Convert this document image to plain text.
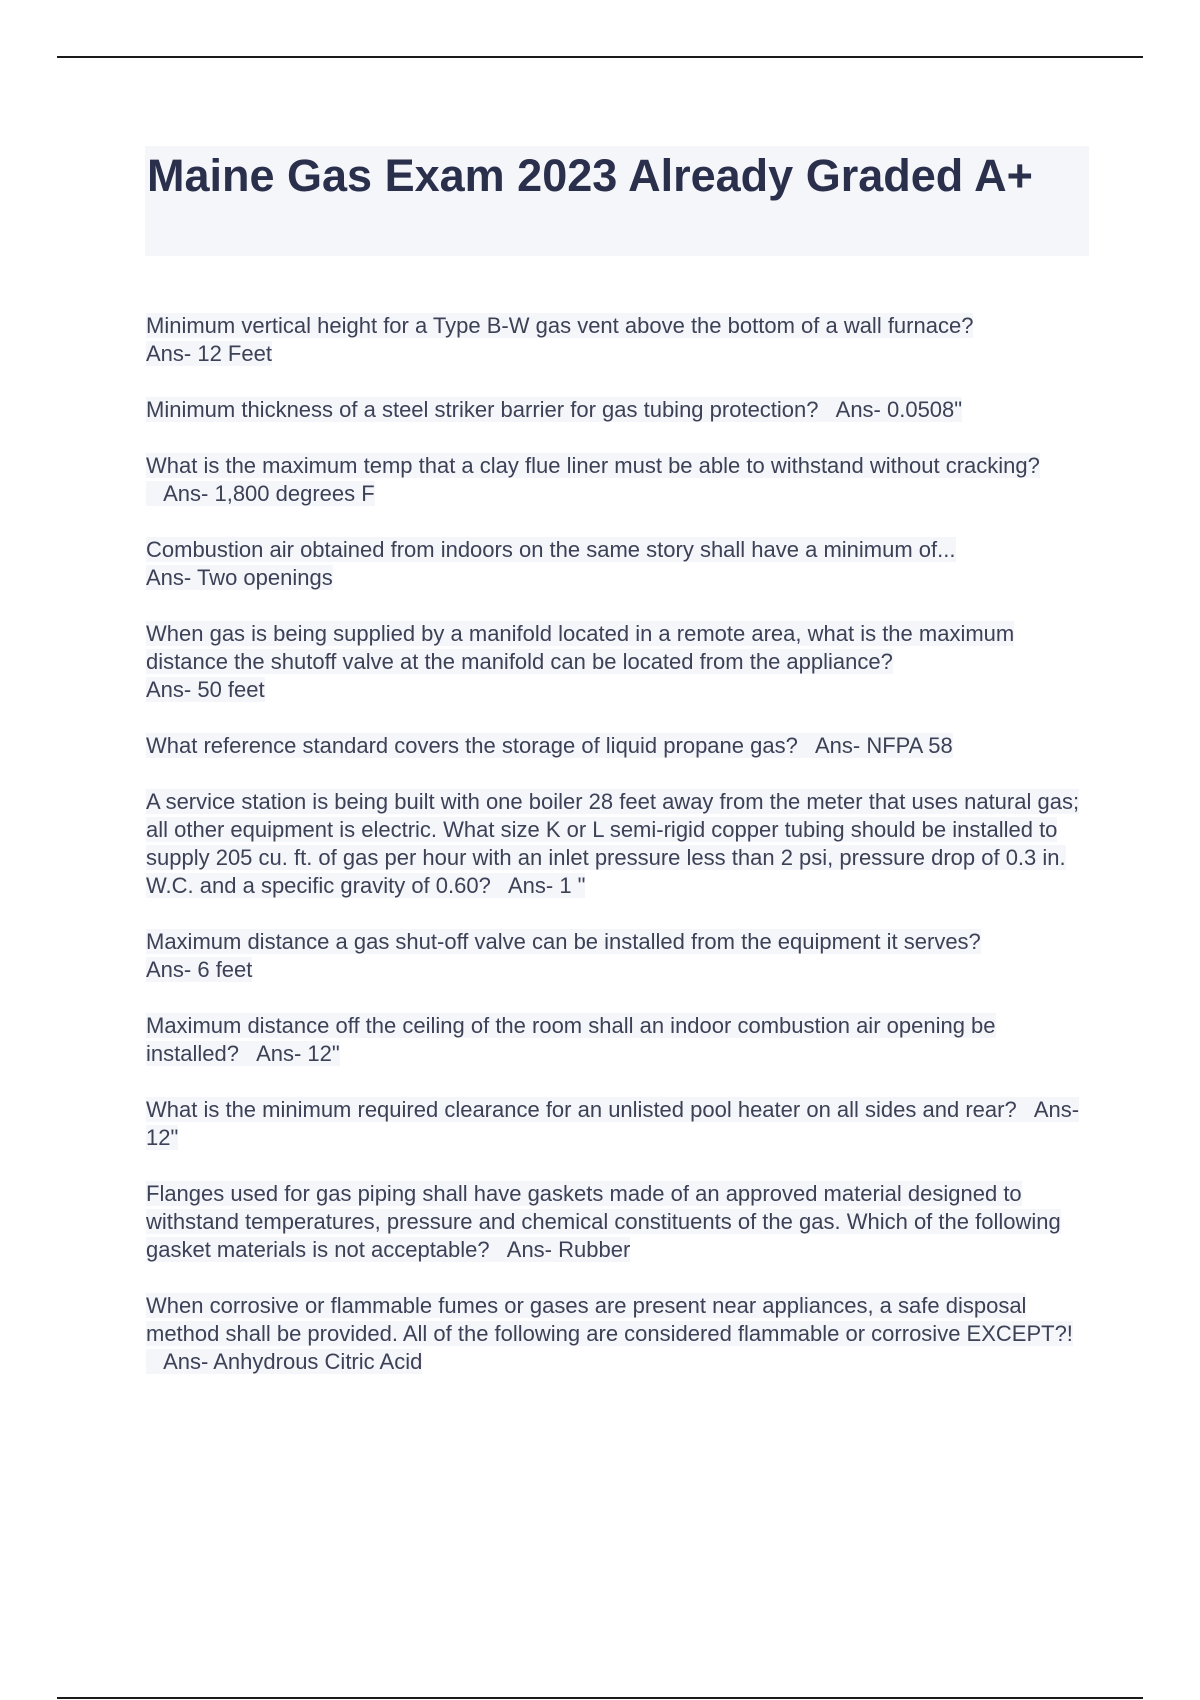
Maine Gas Exam 2023 Already Graded A+
Minimum vertical height for a Type B-W gas vent above the bottom of a wall furnace?
Ans- 12 Feet
Minimum thickness of a steel striker barrier for gas tubing protection? Ans- 0.0508"
What is the maximum temp that a clay flue liner must be able to withstand without cracking?   Ans- 1,800 degrees F
Combustion air obtained from indoors on the same story shall have a minimum of...
Ans- Two openings
When gas is being supplied by a manifold located in a remote area, what is the maximum distance the shutoff valve at the manifold can be located from the appliance?
Ans- 50 feet
What reference standard covers the storage of liquid propane gas? Ans- NFPA 58
A service station is being built with one boiler 28 feet away from the meter that uses natural gas; all other equipment is electric. What size K or L semi-rigid copper tubing should be installed to supply 205 cu. ft. of gas per hour with an inlet pressure less than 2 psi, pressure drop of 0.3 in. W.C. and a specific gravity of 0.60? Ans- 1 "
Maximum distance a gas shut-off valve can be installed from the equipment it serves?
Ans- 6 feet
Maximum distance off the ceiling of the room shall an indoor combustion air opening be installed? Ans- 12"
What is the minimum required clearance for an unlisted pool heater on all sides and rear? Ans- 12"
Flanges used for gas piping shall have gaskets made of an approved material designed to withstand temperatures, pressure and chemical constituents of the gas. Which of the following gasket materials is not acceptable? Ans- Rubber
When corrosive or flammable fumes or gases are present near appliances, a safe disposal method shall be provided. All of the following are considered flammable or corrosive EXCEPT?!   Ans- Anhydrous Citric Acid
